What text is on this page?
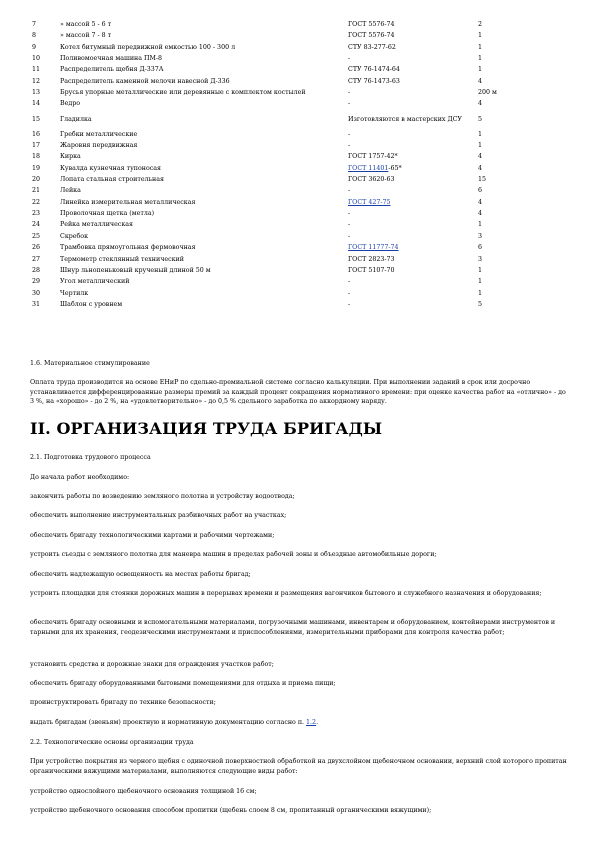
7	» массой 5 - 6 т	ГОСТ 5576-74	2
8	» массой 7 - 8 т	ГОСТ 5576-74	1
9	Котел битумный передвижной емкостью 100 - 300 л	СТУ 83-277-62	1
10	Поливомоечная машина ПМ-8	-	1
11	Распределитель щебня Д-337А	СТУ 76-1474-64	1
12	Распределитель каменной мелочи навесной Д-336	СТУ 76-1473-63	4
13	Брусья упорные металлические или деревянные с комплектом костылей	-	200 м
14	Ведро	-	4
15	Гладилка	Изготовляются в мастерских ДСУ	5
16	Гребки металлические	-	1
17	Жаровня передвижная	-	1
18	Кирка	ГОСТ 1757-42*	4
19	Кувалда кузнечная тупоносая	ГОСТ 11401-65*	4
20	Лопата стальная строительная	ГОСТ 3620-63	15
21	Лейка	-	6
22	Линейка измерительная металлическая	ГОСТ 427-75	4
23	Проволочная щетка (метла)	-	4
24	Рейка металлическая	-	1
25	Скребок	-	3
26	Трамбовка прямоугольная фермовочная	ГОСТ 11777-74	6
27	Термометр стеклянный технический	ГОСТ 2823-73	3
28	Шнур льнопеньковый крученый длиной 50 м	ГОСТ 5107-70	1
29	Угол металлический	-	1
30	Чертилк	-	1
31	Шаблон с уровнем	-	5
1.6. Материальное стимулирование
Оплата труда производится на основе ЕНиР по сдельно-премиальной системе согласно калькуляции. При выполнении заданий в срок или досрочно устанавливается дифференцированные размеры премий за каждый процент сокращения нормативного времени: при оценке качества работ на «отлично» - до 3 %, на «хорошо» - до 2 %, на «удовлетворительно» - до 0,5 % сдельного заработка по аккордному наряду.
II. ОРГАНИЗАЦИЯ ТРУДА БРИГАДЫ
2.1. Подготовка трудового процесса
До начала работ необходимо:
закончить работы по возведению земляного полотна и устройству водоотвода;
обеспечить выполнение инструментальных разбивочных работ на участках;
обеспечить бригаду технологическими картами и рабочими чертежами;
устроить съезды с земляного полотна для маневра машин в пределах рабочей зоны и объездные автомобильные дороги;
обеспечить надлежащую освещенность на местах работы бригад;
устроить площадки для стоянки дорожных машин в перерывах времени и размещения вагончиков бытового и служебного назначения и оборудования;
обеспечить бригаду основными и вспомогательными материалами, погрузочными машинами, инвентарем и оборудованием, контейнерами инструментов и тарными для их хранения, геодезическими инструментами и приспособлениями, измерительными приборами для контроля качества работ;
установить средства и дорожные знаки для ограждения участков работ;
обеспечить бригаду оборудованными бытовыми помещениями для отдыха и приема пищи;
проинструктировать бригаду по технике безопасности;
выдать бригадам (звеньям) проектную и нормативную документацию согласно п. 1.2.
2.2. Технологические основы организации труда
При устройстве покрытия из черного щебня с одиночной поверхностной обработкой на двухслойном щебеночном основании, верхний слой которого пропитан органическими вяжущими материалами, выполняются следующие виды работ:
устройство однослойного щебеночного основания толщиной 16 см;
устройство щебеночного основания способом пропитки (щебень слоем 8 см, пропитанный органическими вяжущими);
